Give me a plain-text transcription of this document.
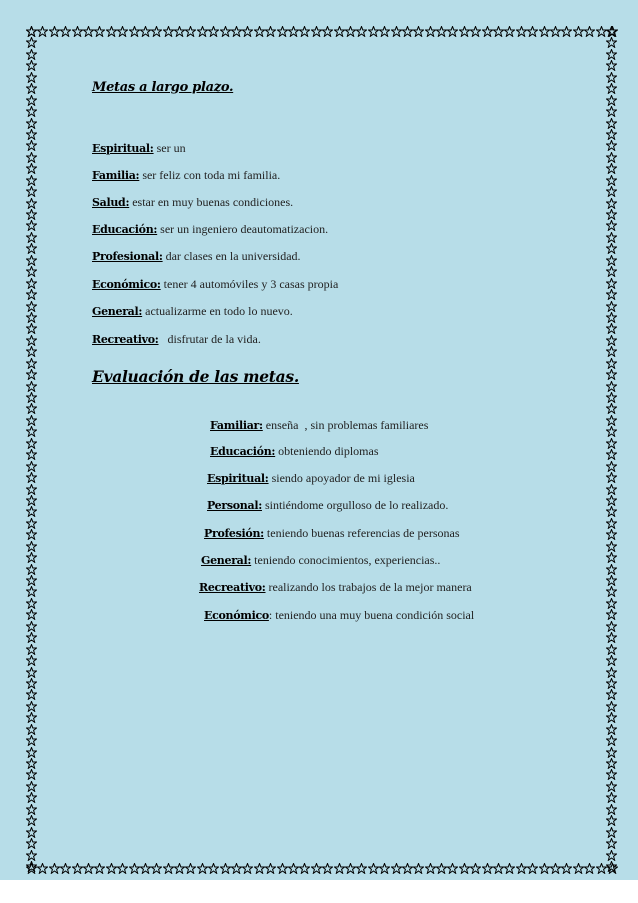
Metas a largo plazo.
Espiritual: ser un
Familia: ser feliz con toda mi familia.
Salud: estar en muy buenas condiciones.
Educación: ser un ingeniero deautomatizacion.
Profesional: dar clases en la universidad.
Económico: tener 4 automóviles y 3 casas propia
General: actualizarme en todo lo nuevo.
Recreativo:   disfrutar de la vida.
Evaluación de las metas.
Familiar: enseña  , sin problemas familiares
Educación: obteniendo diplomas
Espiritual: siendo apoyador de mi iglesia
Personal: sintiéndome orgulloso de lo realizado.
Profesión: teniendo buenas referencias de personas
General: teniendo conocimientos, experiencias..
Recreativo: realizando los trabajos de la mejor manera
Económico: teniendo una muy buena condición social
